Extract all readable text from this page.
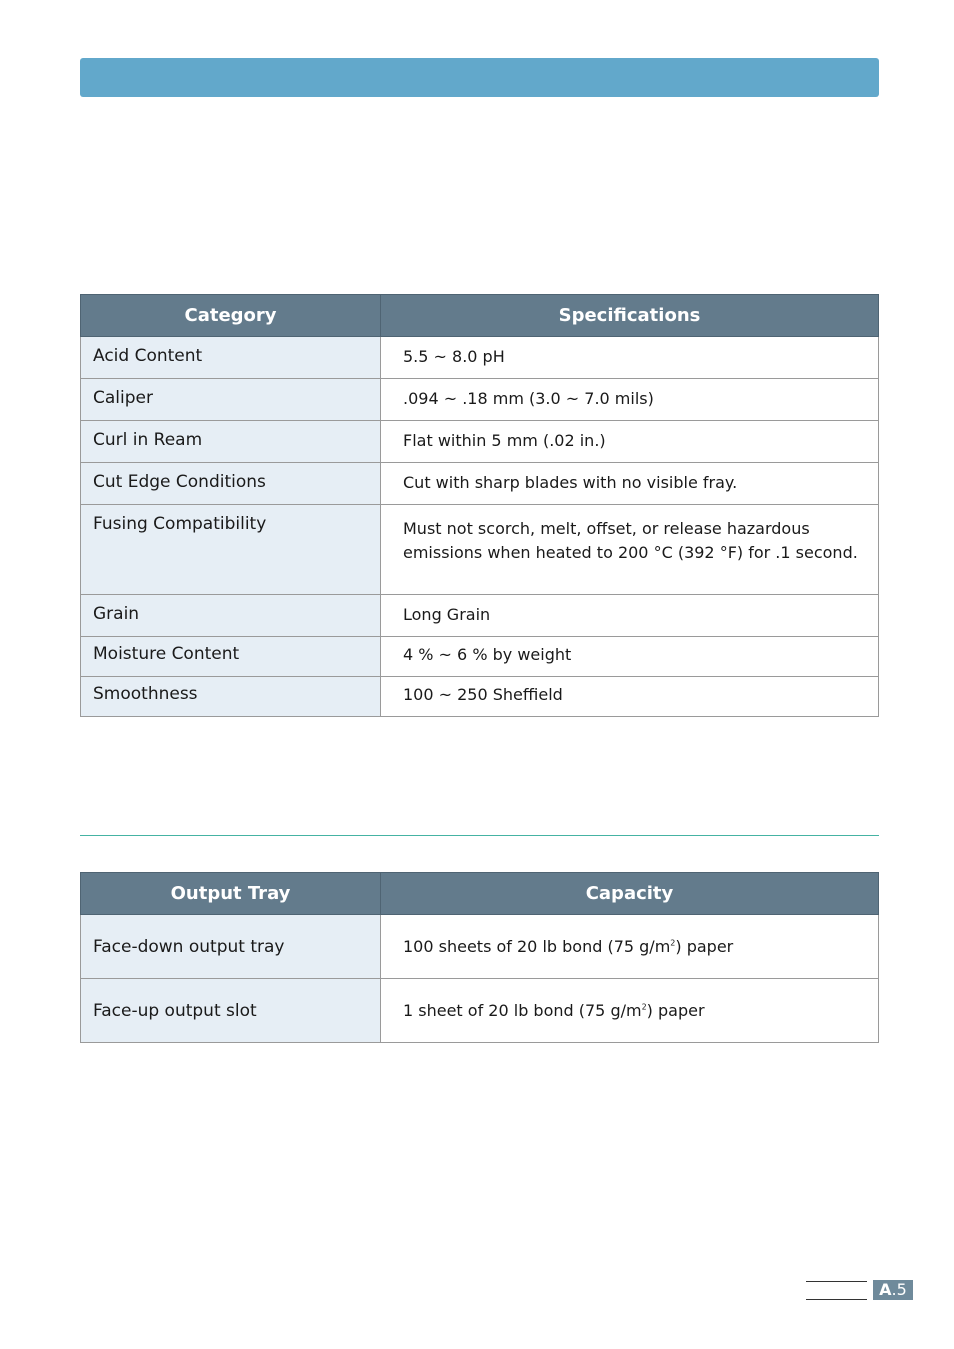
Category	Specifications
Acid Content	5.5 ~ 8.0 pH
Caliper	.094 ~ .18 mm (3.0 ~ 7.0 mils)
Curl in Ream	Flat within 5 mm (.02 in.)
Cut Edge Conditions	Cut with sharp blades with no visible fray.
Fusing Compatibility	Must not scorch, melt, offset, or release hazardous emissions when heated to 200 °C (392 °F) for .1 second.
Grain	Long Grain
Moisture Content	4 % ~ 6 % by weight
Smoothness	100 ~ 250 Sheffield
Output Tray	Capacity
Face-down output tray	100 sheets of 20 lb bond (75 $g/m^2$) paper
Face-up output slot	1 sheet of 20 lb bond (75 $g/m^2$) paper
A.5
